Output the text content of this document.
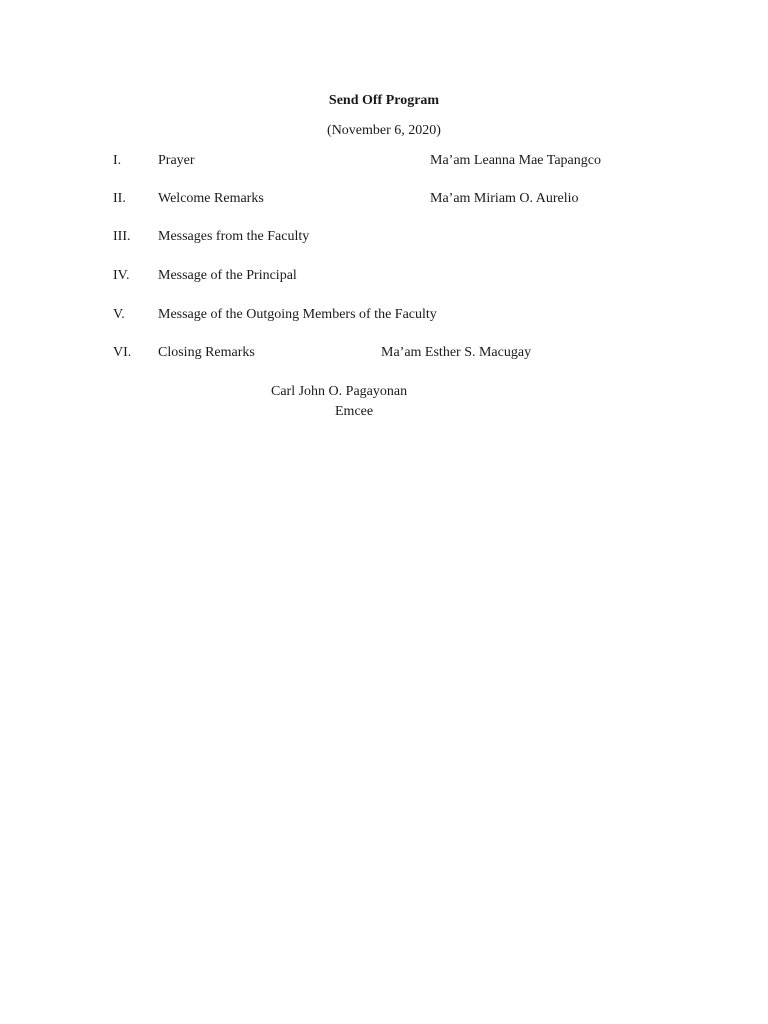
Send Off Program
(November 6, 2020)
I.	Prayer	Ma’am Leanna Mae Tapangco
II. Welcome Remarks	Ma’am Miriam O. Aurelio
III. Messages from the Faculty
IV. Message of the Principal
V. Message of the Outgoing Members of the Faculty
VI. Closing Remarks	Ma’am Esther S. Macugay
Carl John O. Pagayonan
Emcee
